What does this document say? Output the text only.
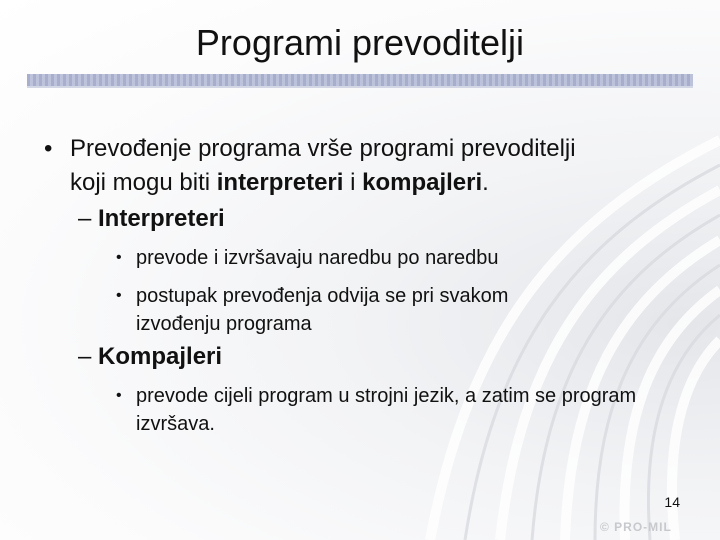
Programi prevoditelji
• Prevođenje programa vrše programi prevoditelji
koji mogu biti interpreteri i kompajleri.
– Interpreteri
• prevode i izvršavaju naredbu po naredbu
• postupak prevođenja odvija se pri svakom izvođenju programa
– Kompajleri
• prevode cijeli program u strojni jezik, a zatim se program izvršava.
14
© PRO-MIL
